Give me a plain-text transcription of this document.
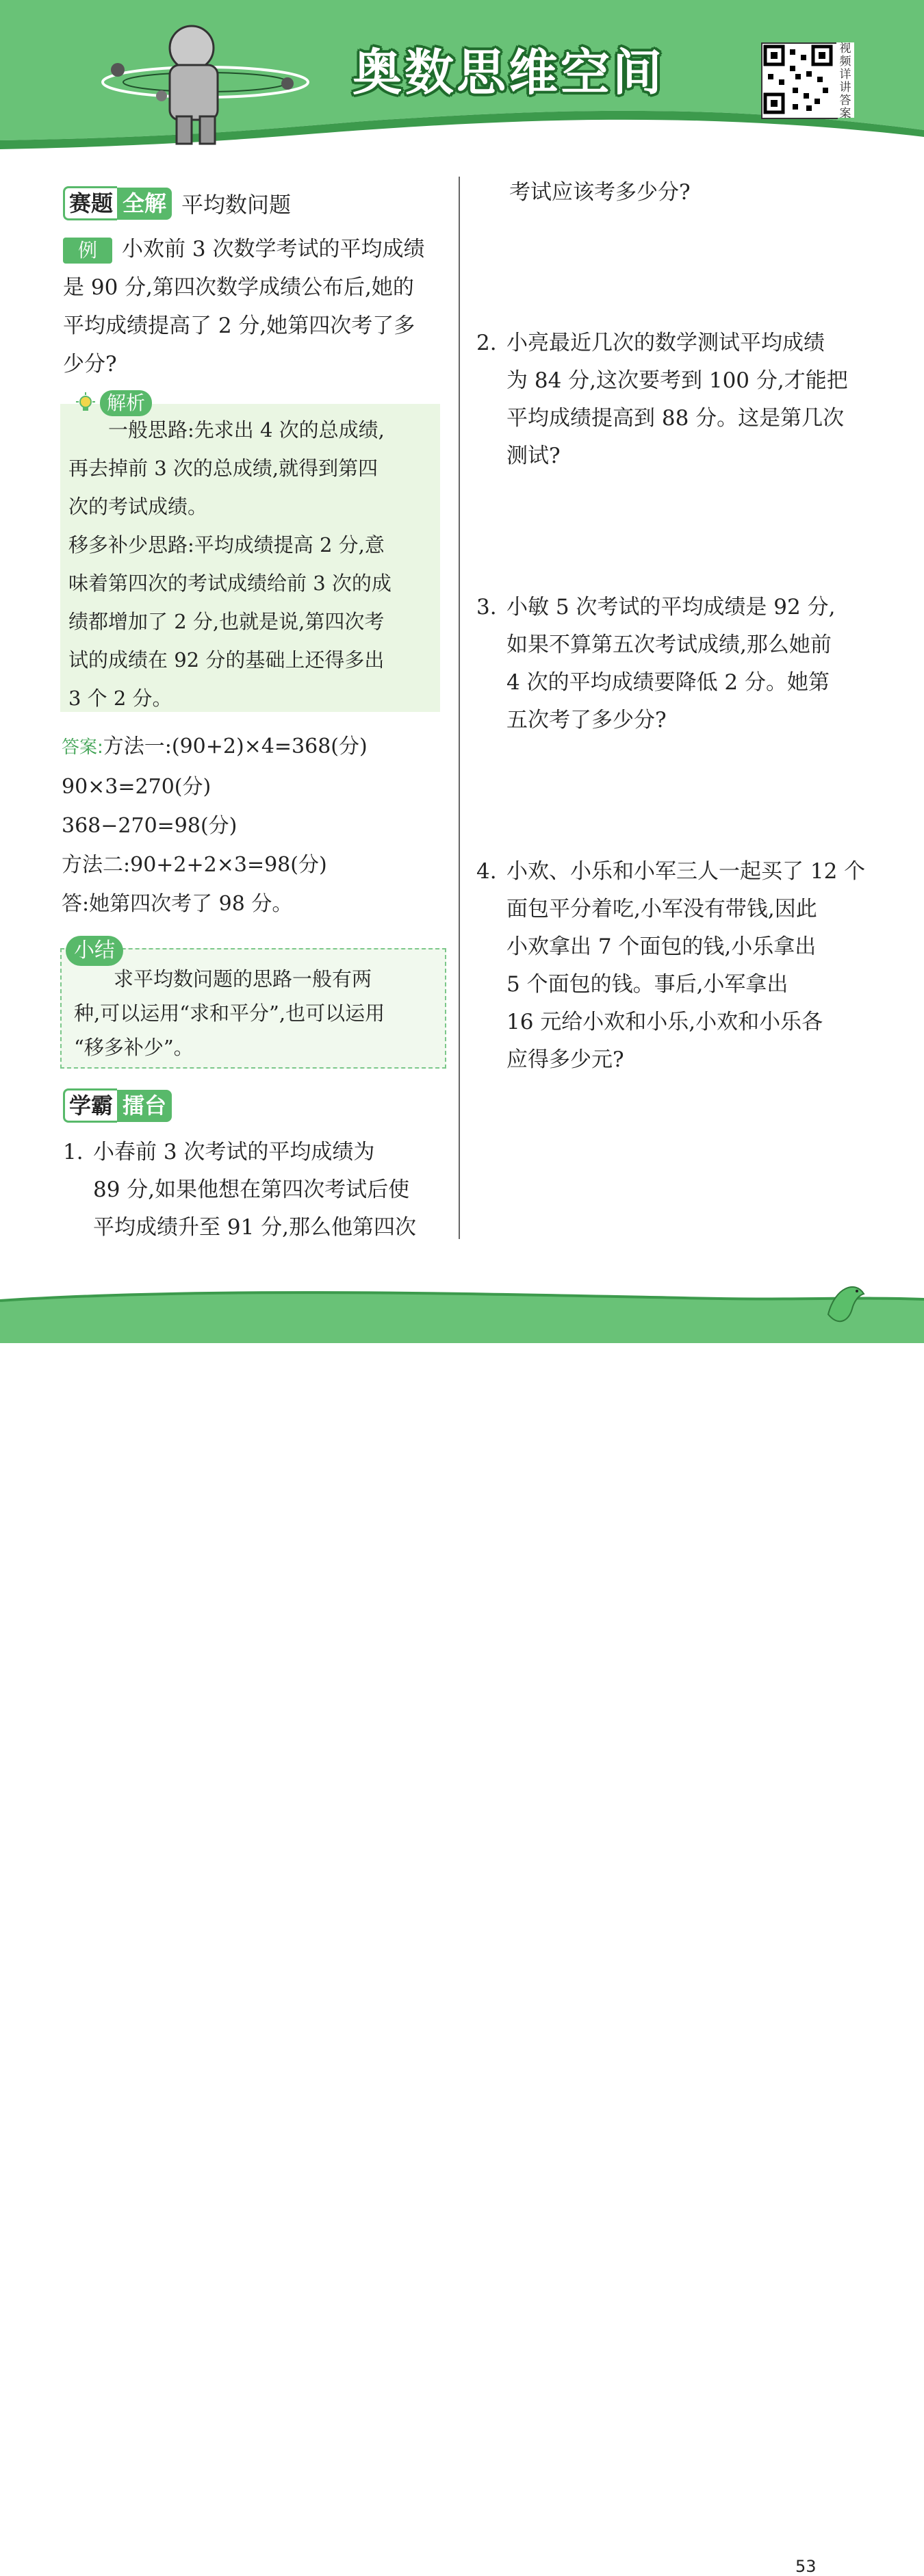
奥数思维空间	视频详讲答案
赛题 全解 平均数问题

例 小欢前 3 次数学考试的平均成绩

是 90 分,第四次数学成绩公布后,她的

平均成绩提高了 2 分,她第四次考了多

少分?

解析

　　一般思路:先求出 4 次的总成绩,

再去掉前 3 次的总成绩,就得到第四

次的考试成绩。

移多补少思路:平均成绩提高 2 分,意

味着第四次的考试成绩给前 3 次的成

绩都增加了 2 分,也就是说,第四次考

试的成绩在 92 分的基础上还得多出

3 个 2 分。

答案:方法一:(90+2)×4=368(分)

90×3=270(分)

368−270=98(分)

方法二:90+2+2×3=98(分)

答:她第四次考了 98 分。

小结

　　求平均数问题的思路一般有两

种,可以运用“求和平分”,也可以运用

“移多补少”。

学霸 擂台
1. 小春前 3 次考试的平均成绩为

89 分,如果他想在第四次考试后使

平均成绩升至 91 分,那么他第四次

考试应该考多少分?

2. 小亮最近几次的数学测试平均成绩

为 84 分,这次要考到 100 分,才能把

平均成绩提高到 88 分。这是第几次

测试?

3. 小敏 5 次考试的平均成绩是 92 分,

如果不算第五次考试成绩,那么她前

4 次的平均成绩要降低 2 分。她第

五次考了多少分?

4. 小欢、小乐和小军三人一起买了 12 个

面包平分着吃,小军没有带钱,因此

小欢拿出 7 个面包的钱,小乐拿出

5 个面包的钱。事后,小军拿出

16 元给小欢和小乐,小欢和小乐各

应得多少元?

53
